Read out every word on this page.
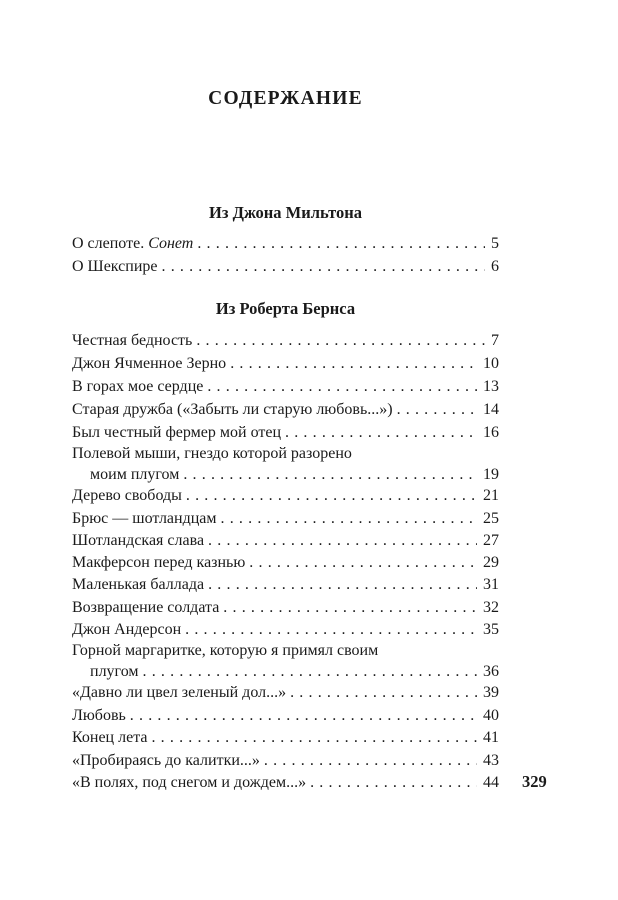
СОДЕРЖАНИЕ
Из Джона Мильтона
О слепоте. Сонет . . .	5
О Шекспире . . .	6
Из Роберта Бернса
Честная бедность . . .	7
Джон Ячменное Зерно . . .	10
В горах мое сердце . . .	13
Старая дружба («Забыть ли старую любовь...») . . .	14
Был честный фермер мой отец . . .	16
Полевой мыши, гнездо которой разорено
моим плугом . . .	19
Дерево свободы . . .	21
Брюс — шотландцам . . .	25
Шотландская слава . . .	27
Макферсон перед казнью . . .	29
Маленькая баллада . . .	31
Возвращение солдата . . .	32
Джон Андерсон . . .	35
Горной маргаритке, которую я примял своим
плугом . . .	36
«Давно ли цвел зеленый дол...» . . .	39
Любовь . . .	40
Конец лета . . .	41
«Пробираясь до калитки...» . . .	43
«В полях, под снегом и дождем...» . . .	44 329
